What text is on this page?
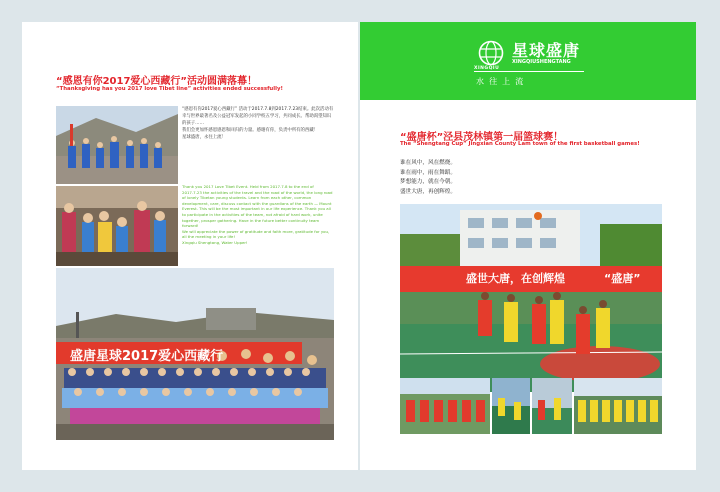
“感恩有你2017爱心西藏行”活动圆满落幕！
“Thanksgiving has you 2017 love Tibet line” activities ended successfully!
“感恩有你2017爱心西藏行” 活动于2017.7.8到2017.7.23结束。此次活动有幸与世界最著名及公益冠军发起的小同学校五学习，共同成长。帮助渴望知识的孩子……
我们会更加怀感恩感恩和回归的力量。感谢有你，负责中所有的西藏！
星球盛唐，永往上流！
Thank you 2017 Love Tibet Event. Held from 2017.7.8 to the end of 2017.7.23 the activities of the travel and the road of the world, the long road of lonely Tibetan young students. Learn from each other, common development, care, discuss contact with the guardians of the earth — Mount Everest. This will be the most important in our life experience. Thank you all to participate in the activities of the team, not afraid of hard work, unite together, prosper gathering. Have in the future better continuity team forward!
We will appreciate the power of gratitude and faith more, gratitude for you, all the meeting in your life!
Xingqiu Shengtang, Water Upper!
盛唐星球2017爱心西藏行
XINGQIU
星球盛唐
XINGQIUSHENGTANG
水  往  上  流
“盛唐杯”泾县茂林镇第一届篮球赛！
The “Shengtang Cup” Jingxian County Lam town of the first basketball games!
谁在风中，风在燃烧。
谁在雨中，雨在舞蹈。
梦想能力，就在今朝。
盛世大唐，再创辉煌。
盛世大唐，在创辉煌	“盛唐”
